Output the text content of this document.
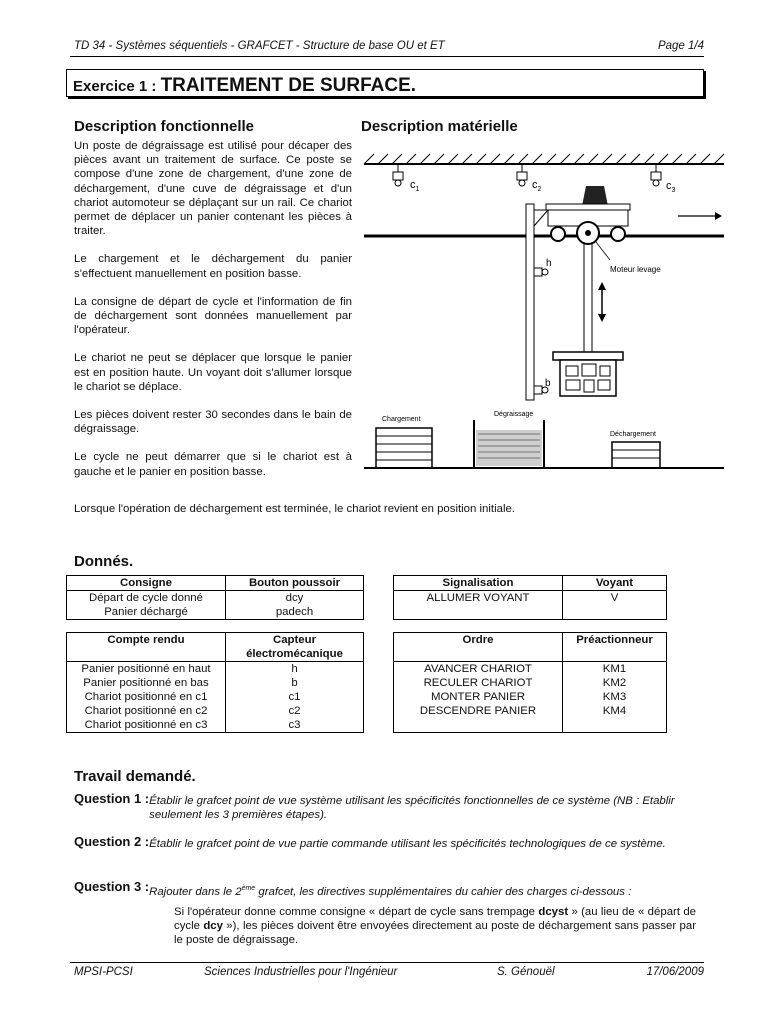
TD 34 - Systèmes séquentiels - GRAFCET - Structure de base OU et ET	Page 1/4
Exercice 1 : TRAITEMENT DE SURFACE.
Description fonctionnelle

Un poste de dégraissage est utilisé pour décaper des pièces avant un traitement de surface. Ce poste se compose d'une zone de chargement, d'une zone de déchargement, d'une cuve de dégraissage et d'un chariot automoteur se déplaçant sur un rail. Ce chariot permet de déplacer un panier contenant les pièces à traiter.

Le chargement et le déchargement du panier s'effectuent manuellement en position basse.

La consigne de départ de cycle et l'information de fin de déchargement sont données manuellement par l'opérateur.

Le chariot ne peut se déplacer que lorsque le panier est en position haute. Un voyant doit s'allumer lorsque le chariot se déplace.

Les pièces doivent rester 30 secondes dans le bain de dégraissage.

Le cycle ne peut démarrer que si le chariot est à gauche et le panier en position basse.

Lorsque l'opération de déchargement est terminée, le chariot revient en position initiale.

Description matérielle
$c_1$	$c_2$	$c_3$
h
Moteur levage
b
Chargement
Dégraissage
Déchargement
Donnés.
Consigne	Bouton poussoir
Départ de cycle donné	dcy
Panier déchargé	padech
Signalisation	Voyant
ALLUMER VOYANT	V
Compte rendu	Capteur électromécanique
Panier positionné en haut	h
Panier positionné en bas	b
Chariot positionné en c1	c1
Chariot positionné en c2	c2
Chariot positionné en c3	c3
Ordre	Préactionneur
AVANCER CHARIOT	KM1
RECULER CHARIOT	KM2
MONTER PANIER	KM3
DESCENDRE PANIER	KM4
Travail demandé.
Question 1 : Établir le grafcet point de vue système utilisant les spécificités fonctionnelles de ce système (NB : Etablir seulement les 3 premières étapes).
Question 2 : Établir le grafcet point de vue partie commande utilisant les spécificités technologiques de ce système.
Question 3 : Rajouter dans le 2ème grafcet, les directives supplémentaires du cahier des charges ci-dessous :
Si l'opérateur donne comme consigne « départ de cycle sans trempage dcyst » (au lieu de « départ de cycle dcy »), les pièces doivent être envoyées directement au poste de déchargement sans passer par le poste de dégraissage.
MPSI-PCSI	Sciences Industrielles pour l'Ingénieur	S. Génouël	17/06/2009
